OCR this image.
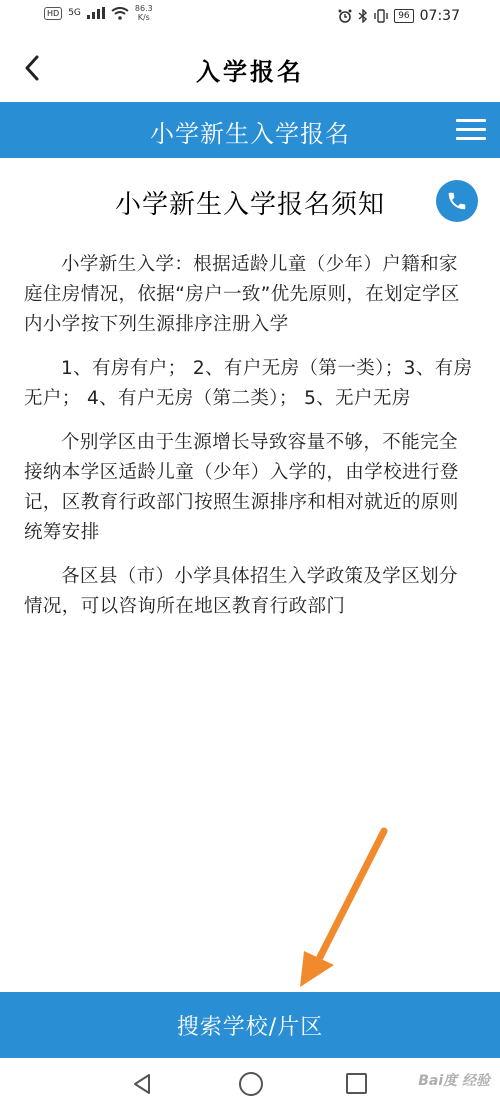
HD	5G	86.3
K/s	96 07:37
入学报名
小学新生入学报名
小学新生入学报名须知

小学新生入学：根据适龄儿童（少年）户籍和家庭住房情况，依据“房户一致”优先原则，在划定学区内小学按下列生源排序注册入学

1、有房有户； 2、有户无房（第一类）；3、有房无户； 4、有户无房（第二类）； 5、无户无房

个别学区由于生源增长导致容量不够，不能完全接纳本学区适龄儿童（少年）入学的，由学校进行登记，区教育行政部门按照生源排序和相对就近的原则统筹安排

各区县（市）小学具体招生入学政策及学区划分情况，可以咨询所在地区教育行政部门

搜索学校/片区
Bai度 经验
